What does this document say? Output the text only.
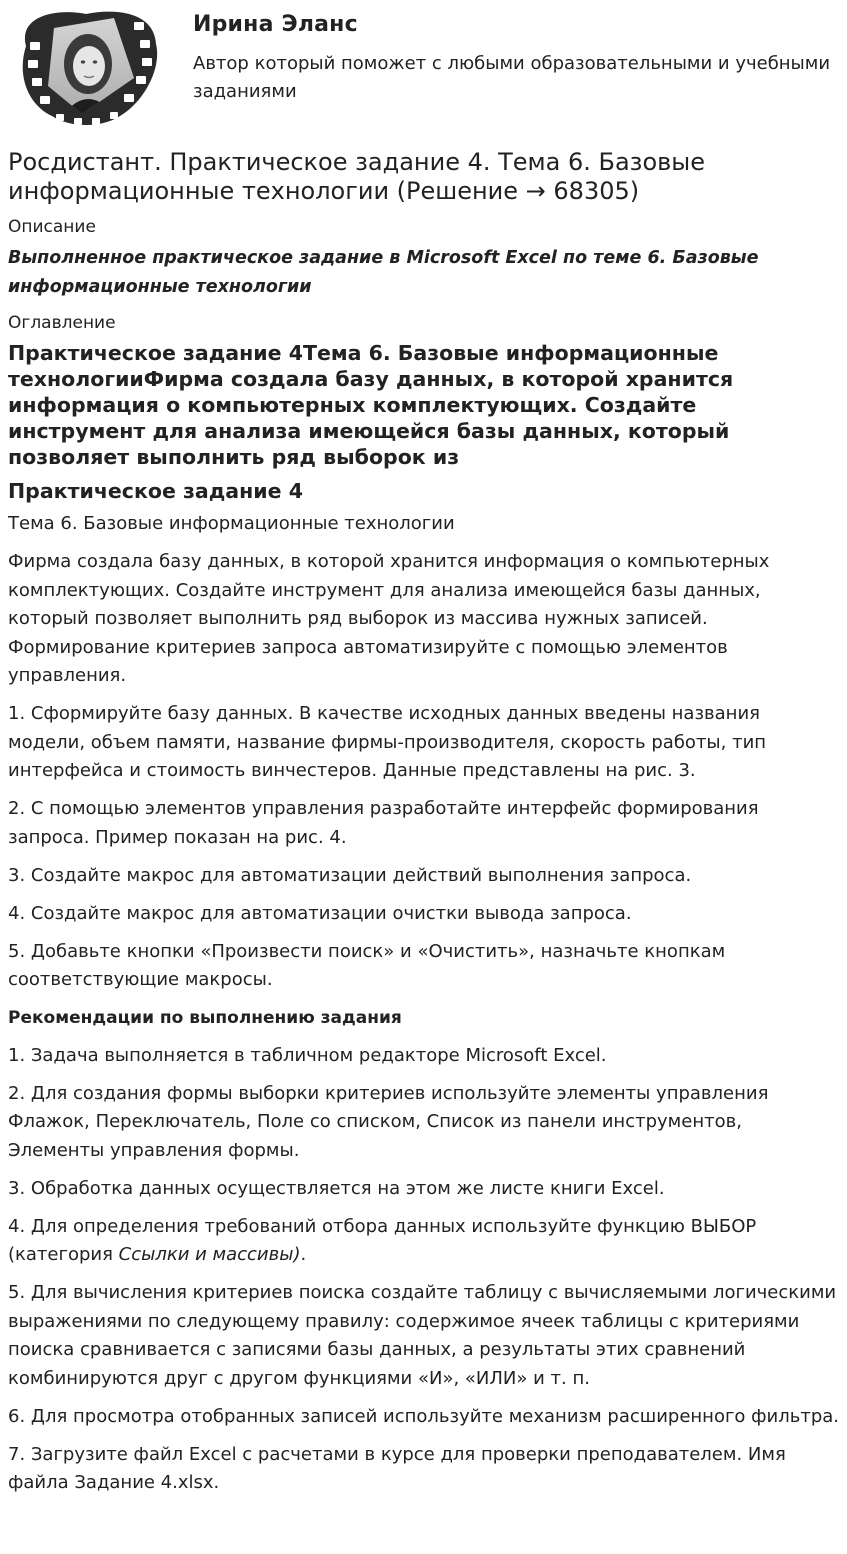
Ирина Эланс

Автор который поможет с любыми образовательными и учебными заданиями

Росдистант. Практическое задание 4. Тема 6. Базовые информационные технологии (Решение → 68305)

Описание

Выполненное практическое задание в Microsoft Excel по теме 6. Базовые информационные технологии

Оглавление

Практическое задание 4Тема 6. Базовые информационные технологииФирма создала базу данных, в которой хранится информация о компьютерных комплектующих. Создайте инструмент для анализа имеющейся базы данных, который позволяет выполнить ряд выборок из

Практическое задание 4

Тема 6. Базовые информационные технологии

Фирма создала базу данных, в которой хранится информация о компьютерных комплектующих. Создайте инструмент для анализа имеющейся базы данных, который позволяет выполнить ряд выборок из массива нужных записей. Формирование критериев запроса автоматизируйте с помощью элементов управления.

1. Сформируйте базу данных. В качестве исходных данных введены названия модели, объем памяти, название фирмы-производителя, скорость работы, тип интерфейса и стоимость винчестеров. Данные представлены на рис. 3.

2. С помощью элементов управления разработайте интерфейс формирования запроса. Пример показан на рис. 4.

3. Создайте макрос для автоматизации действий выполнения запроса.

4. Создайте макрос для автоматизации очистки вывода запроса.

5. Добавьте кнопки «Произвести поиск» и «Очистить», назначьте кнопкам соответствующие макросы.

Рекомендации по выполнению задания

1. Задача выполняется в табличном редакторе Microsoft Excel.

2. Для создания формы выборки критериев используйте элементы управления Флажок, Переключатель, Поле со списком, Список из панели инструментов, Элементы управления формы.

3. Обработка данных осуществляется на этом же листе книги Excel.

4. Для определения требований отбора данных используйте функцию ВЫБОР (категория Ссылки и массивы).

5. Для вычисления критериев поиска создайте таблицу с вычисляемыми логическими выражениями по следующему правилу: содержимое ячеек таблицы с критериями поиска сравнивается с записями базы данных, а результаты этих сравнений комбинируются друг с другом функциями «И», «ИЛИ» и т. п.

6. Для просмотра отобранных записей используйте механизм расширенного фильтра.

7. Загрузите файл Excel с расчетами в курсе для проверки преподавателем. Имя файла Задание 4.xlsx.
